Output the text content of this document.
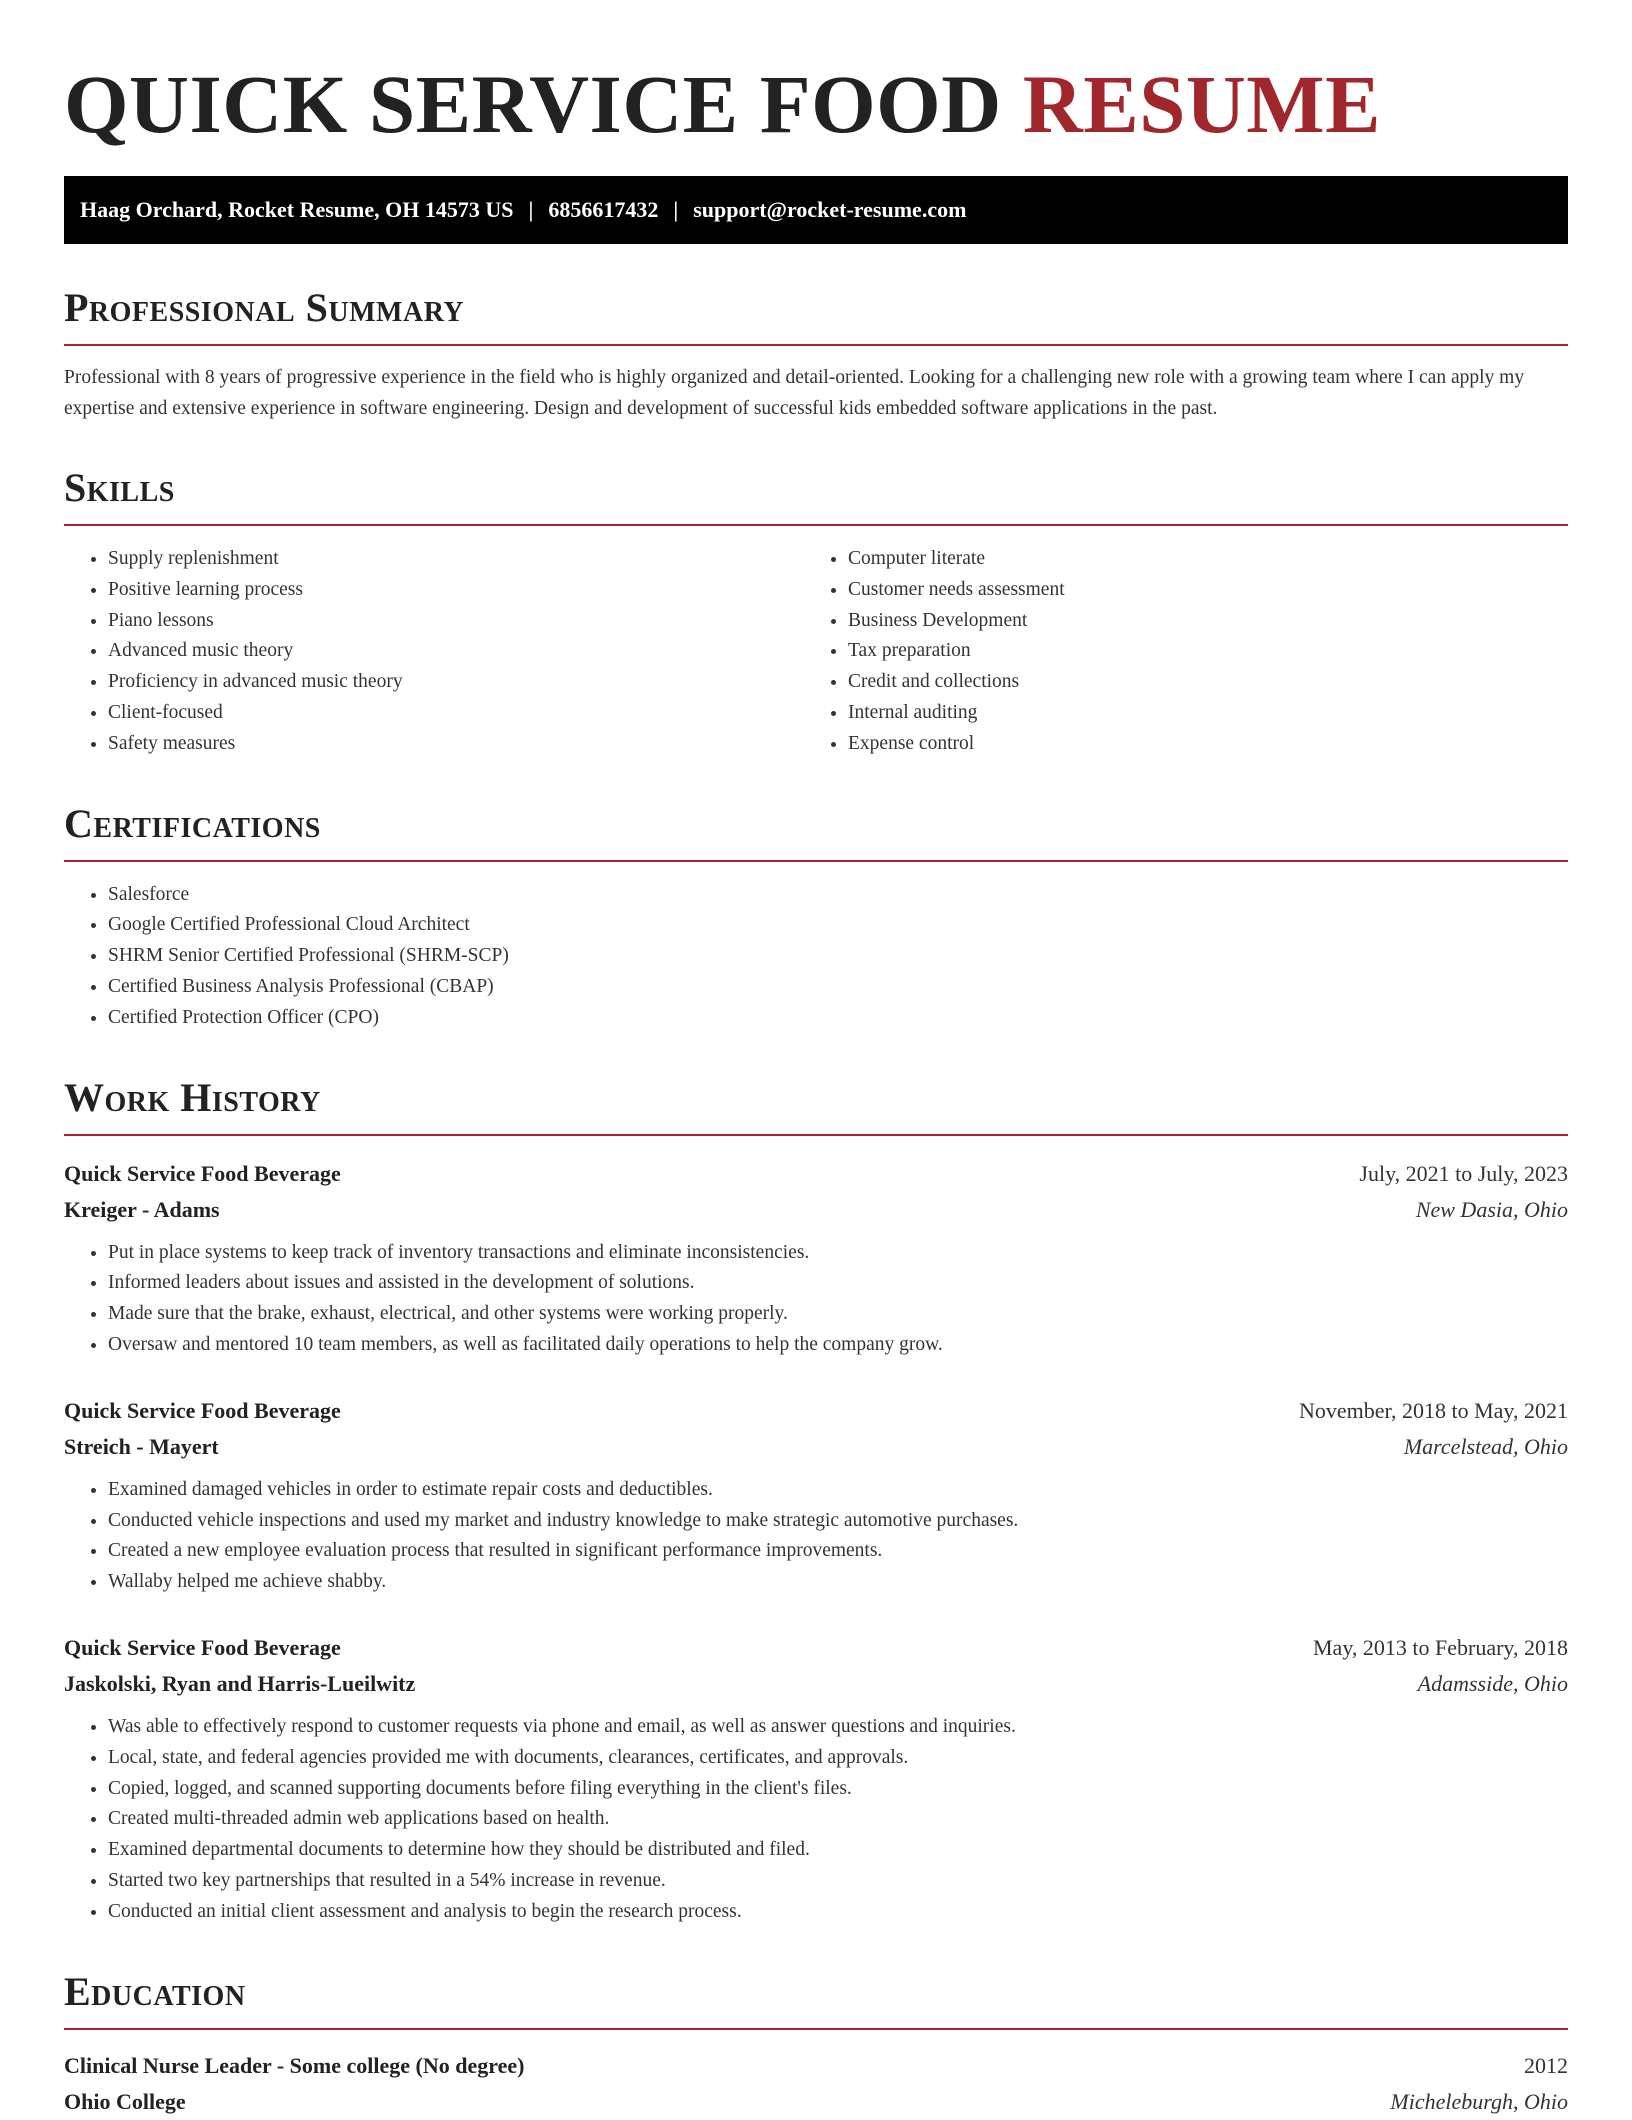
QUICK SERVICE FOOD RESUME
Haag Orchard, Rocket Resume, OH 14573 US | 6856617432 | support@rocket-resume.com
Professional Summary

Professional with 8 years of progressive experience in the field who is highly organized and detail-oriented. Looking for a challenging new role with a growing team where I can apply my expertise and extensive experience in software engineering. Design and development of successful kids embedded software applications in the past.

Skills
• Supply replenishment
• Positive learning process
• Piano lessons
• Advanced music theory
• Proficiency in advanced music theory
• Client-focused
• Safety measures
• Computer literate
• Customer needs assessment
• Business Development
• Tax preparation
• Credit and collections
• Internal auditing
• Expense control
Certifications
• Salesforce
• Google Certified Professional Cloud Architect
• SHRM Senior Certified Professional (SHRM-SCP)
• Certified Business Analysis Professional (CBAP)
• Certified Protection Officer (CPO)
Work History
Quick Service Food Beverage	July, 2021 to July, 2023
Kreiger - Adams	New Dasia, Ohio
• Put in place systems to keep track of inventory transactions and eliminate inconsistencies.
• Informed leaders about issues and assisted in the development of solutions.
• Made sure that the brake, exhaust, electrical, and other systems were working properly.
• Oversaw and mentored 10 team members, as well as facilitated daily operations to help the company grow.
Quick Service Food Beverage	November, 2018 to May, 2021
Streich - Mayert	Marcelstead, Ohio
• Examined damaged vehicles in order to estimate repair costs and deductibles.
• Conducted vehicle inspections and used my market and industry knowledge to make strategic automotive purchases.
• Created a new employee evaluation process that resulted in significant performance improvements.
• Wallaby helped me achieve shabby.
Quick Service Food Beverage	May, 2013 to February, 2018
Jaskolski, Ryan and Harris-Lueilwitz	Adamsside, Ohio
• Was able to effectively respond to customer requests via phone and email, as well as answer questions and inquiries.
• Local, state, and federal agencies provided me with documents, clearances, certificates, and approvals.
• Copied, logged, and scanned supporting documents before filing everything in the client's files.
• Created multi-threaded admin web applications based on health.
• Examined departmental documents to determine how they should be distributed and filed.
• Started two key partnerships that resulted in a 54% increase in revenue.
• Conducted an initial client assessment and analysis to begin the research process.
Education
Clinical Nurse Leader - Some college (No degree)	2012
Ohio College	Micheleburgh, Ohio
